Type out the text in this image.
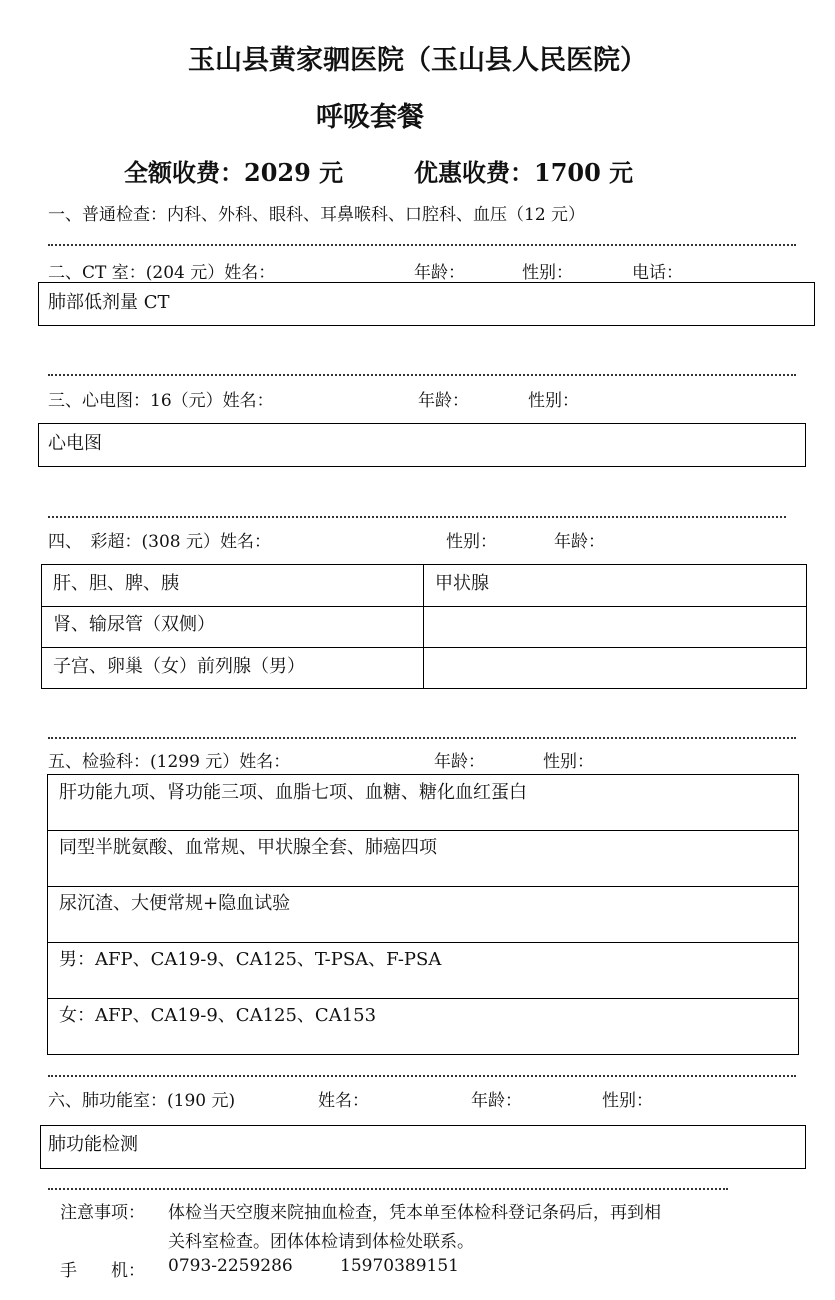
玉山县黄家驷医院（玉山县人民医院）
呼吸套餐
全额收费：2029 元	优惠收费：1700 元
一、普通检查：内科、外科、眼科、耳鼻喉科、口腔科、血压（12 元）
二、CT 室：(204 元）姓名：	年龄：	性别：	电话：
肺部低剂量 CT
三、心电图：16（元）姓名：	年龄：	性别：
心电图
四、　彩超：(308 元）姓名：	性别：	年龄：
肝、胆、脾、胰	甲状腺
肾、输尿管（双侧）
子宫、卵巢（女）前列腺（男）
五、检验科：(1299 元）姓名：	年龄：	性别：
肝功能九项、肾功能三项、血脂七项、血糖、糖化血红蛋白
同型半胱氨酸、血常规、甲状腺全套、肺癌四项
尿沉渣、大便常规+隐血试验
男：AFP、CA19-9、CA125、T-PSA、F-PSA
女：AFP、CA19-9、CA125、CA153
六、肺功能室：(190 元)	姓名：	年龄：	性别：
肺功能检测
注意事项： 体检当天空腹来院抽血检查，凭本单至体检科登记条码后，再到相
关科室检查。团体体检请到体检处联系。
手　　机： 0793-2259286	15970389151
